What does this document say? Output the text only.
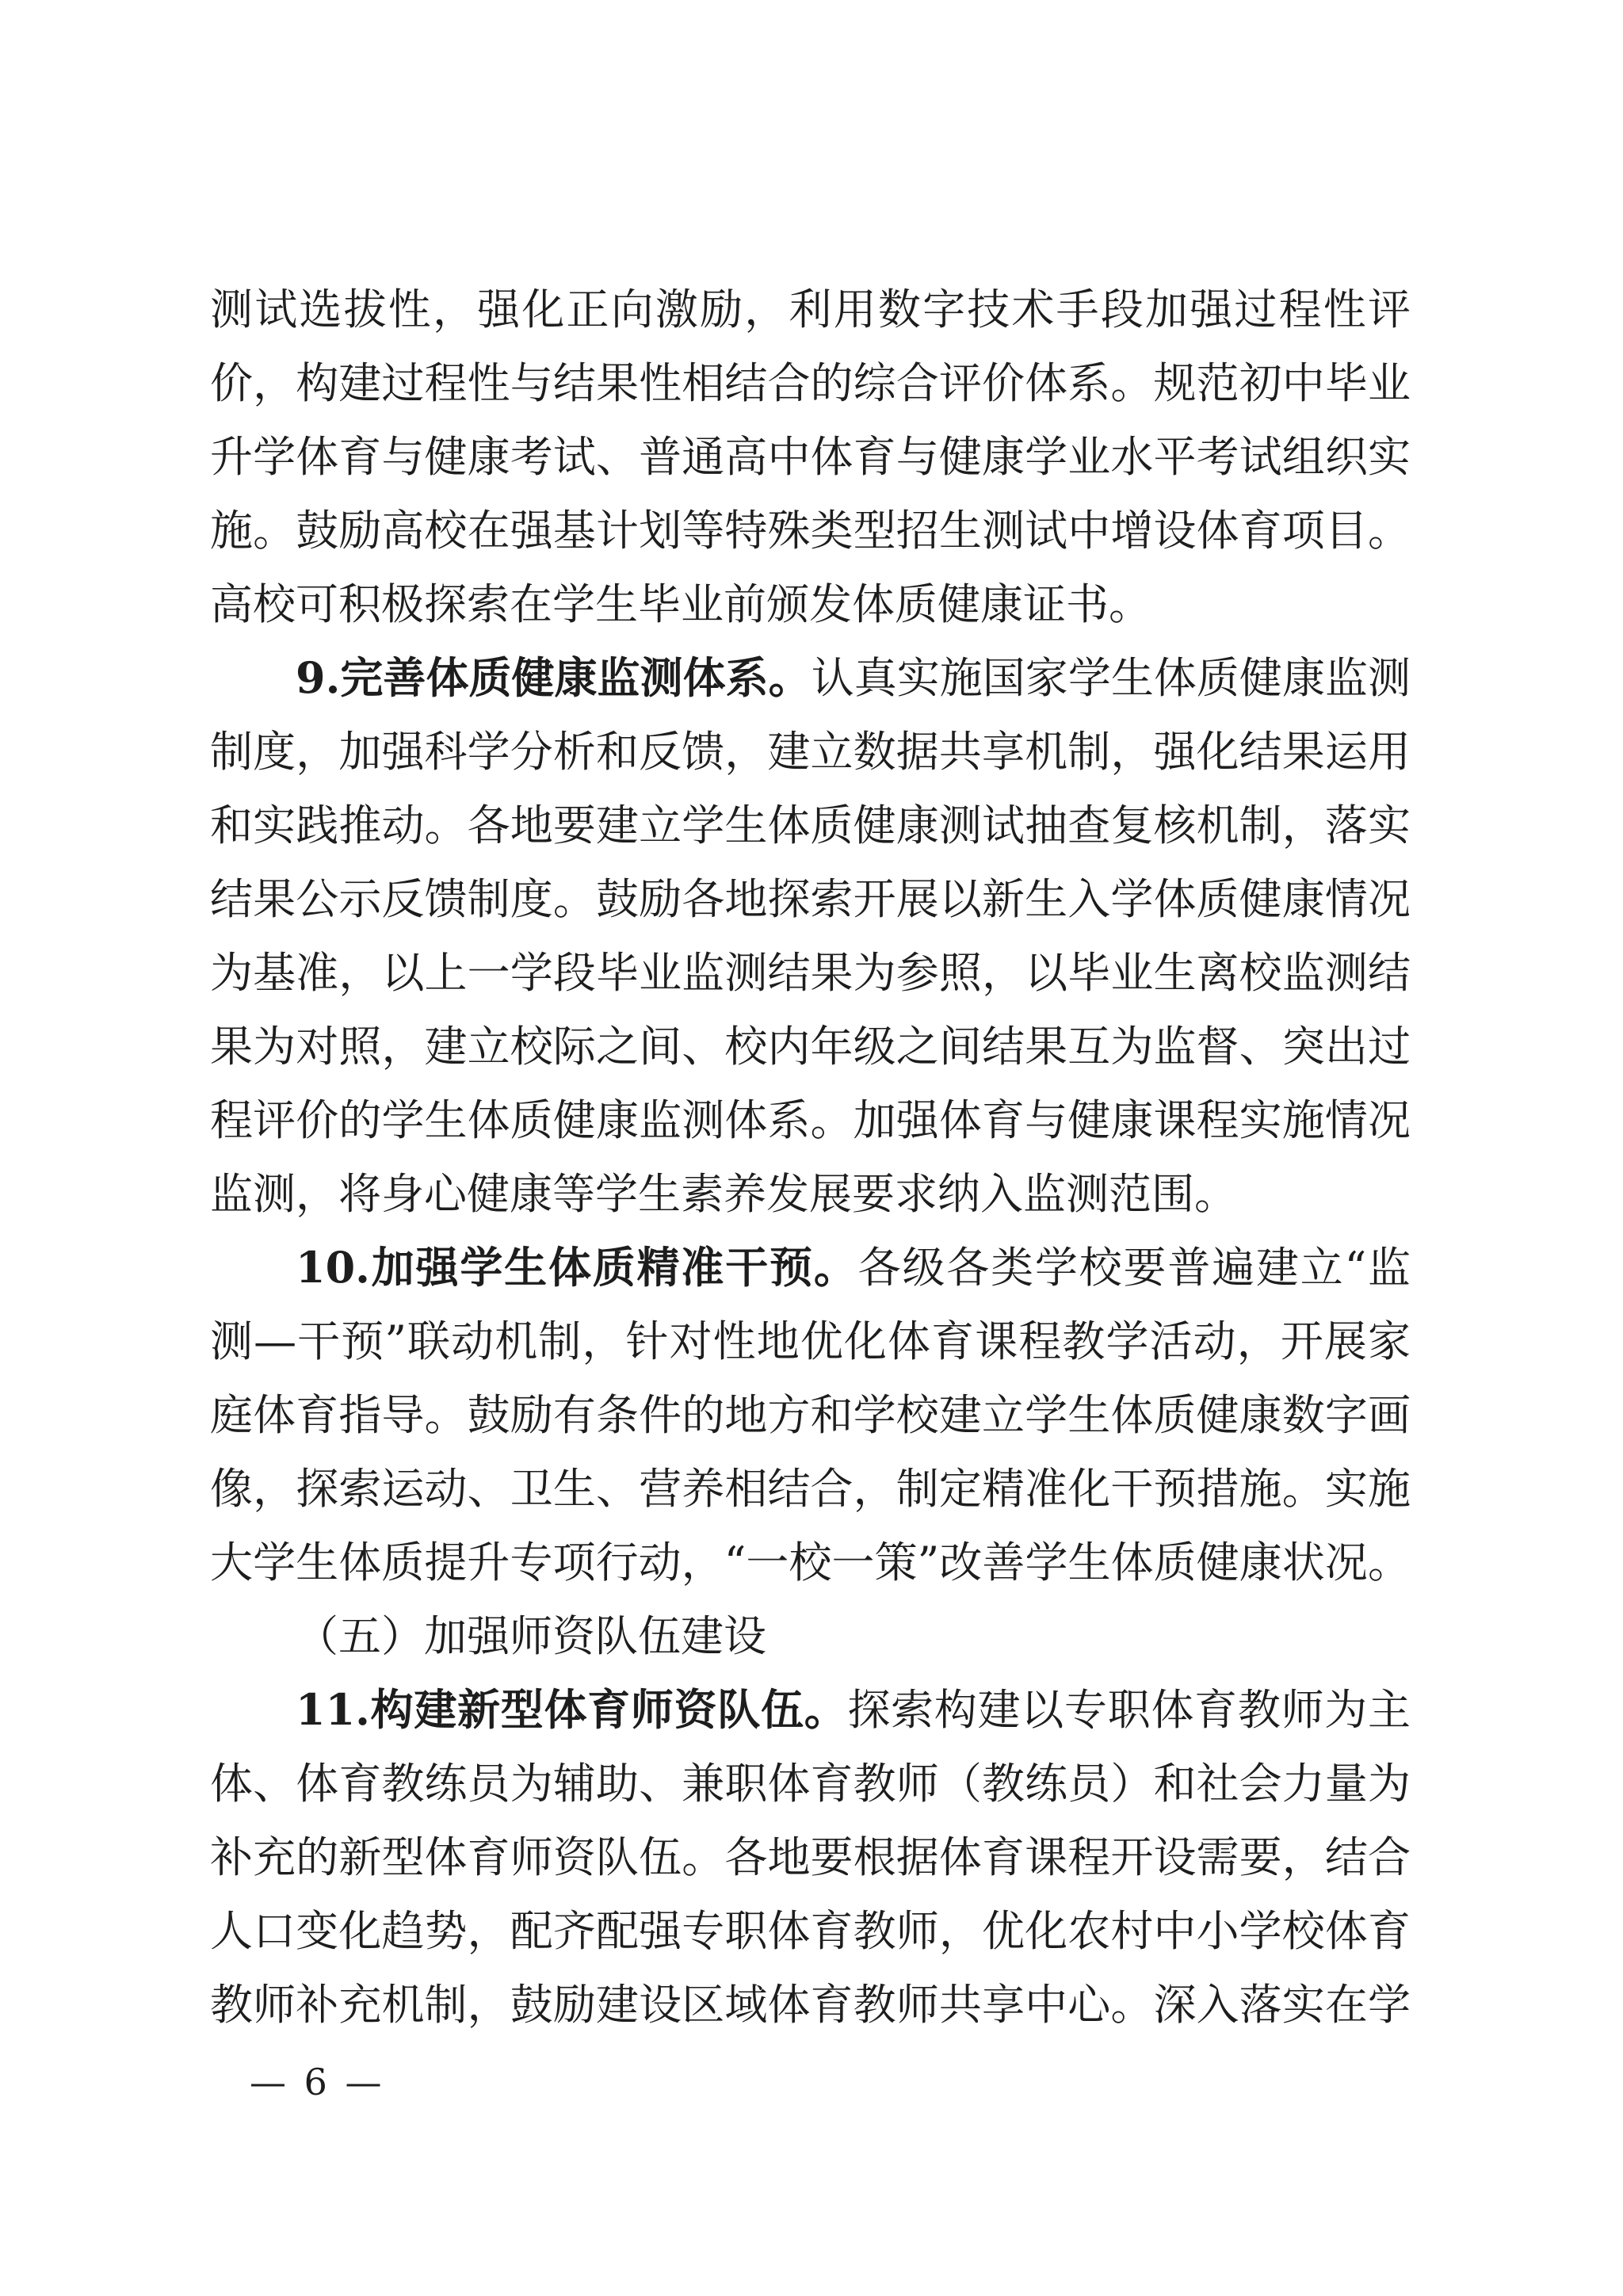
测试选拔性，强化正向激励，利用数字技术手段加强过程性评
价，构建过程性与结果性相结合的综合评价体系。规范初中毕业
升学体育与健康考试、普通高中体育与健康学业水平考试组织实
施。鼓励高校在强基计划等特殊类型招生测试中增设体育项目。
高校可积极探索在学生毕业前颁发体质健康证书。
9.完善体质健康监测体系。认真实施国家学生体质健康监测
制度，加强科学分析和反馈，建立数据共享机制，强化结果运用
和实践推动。各地要建立学生体质健康测试抽查复核机制，落实
结果公示反馈制度。鼓励各地探索开展以新生入学体质健康情况
为基准，以上一学段毕业监测结果为参照，以毕业生离校监测结
果为对照，建立校际之间、校内年级之间结果互为监督、突出过
程评价的学生体质健康监测体系。加强体育与健康课程实施情况
监测，将身心健康等学生素养发展要求纳入监测范围。
10.加强学生体质精准干预。各级各类学校要普遍建立“监
测—干预”联动机制，针对性地优化体育课程教学活动，开展家
庭体育指导。鼓励有条件的地方和学校建立学生体质健康数字画
像，探索运动、卫生、营养相结合，制定精准化干预措施。实施
大学生体质提升专项行动，“一校一策”改善学生体质健康状况。
（五）加强师资队伍建设
11.构建新型体育师资队伍。探索构建以专职体育教师为主
体、体育教练员为辅助、兼职体育教师（教练员）和社会力量为
补充的新型体育师资队伍。各地要根据体育课程开设需要，结合
人口变化趋势，配齐配强专职体育教师，优化农村中小学校体育
教师补充机制，鼓励建设区域体育教师共享中心。深入落实在学
— 6 —
